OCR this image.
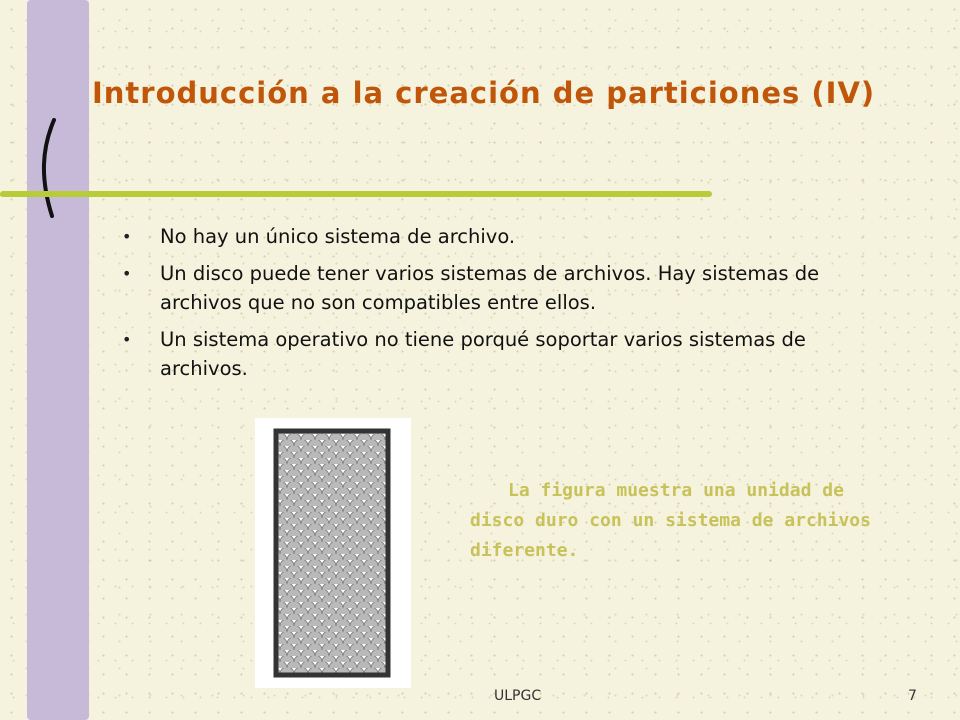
Introducción a la creación de particiones (IV)
• No hay un único sistema de archivo.
• Un disco puede tener varios sistemas de archivos. Hay sistemas de archivos que no son compatibles entre ellos.
• Un sistema operativo no tiene porqué soportar varios sistemas de archivos.

La figura muestra una unidad de disco duro con un sistema de archivos diferente.

ULPGC	7
